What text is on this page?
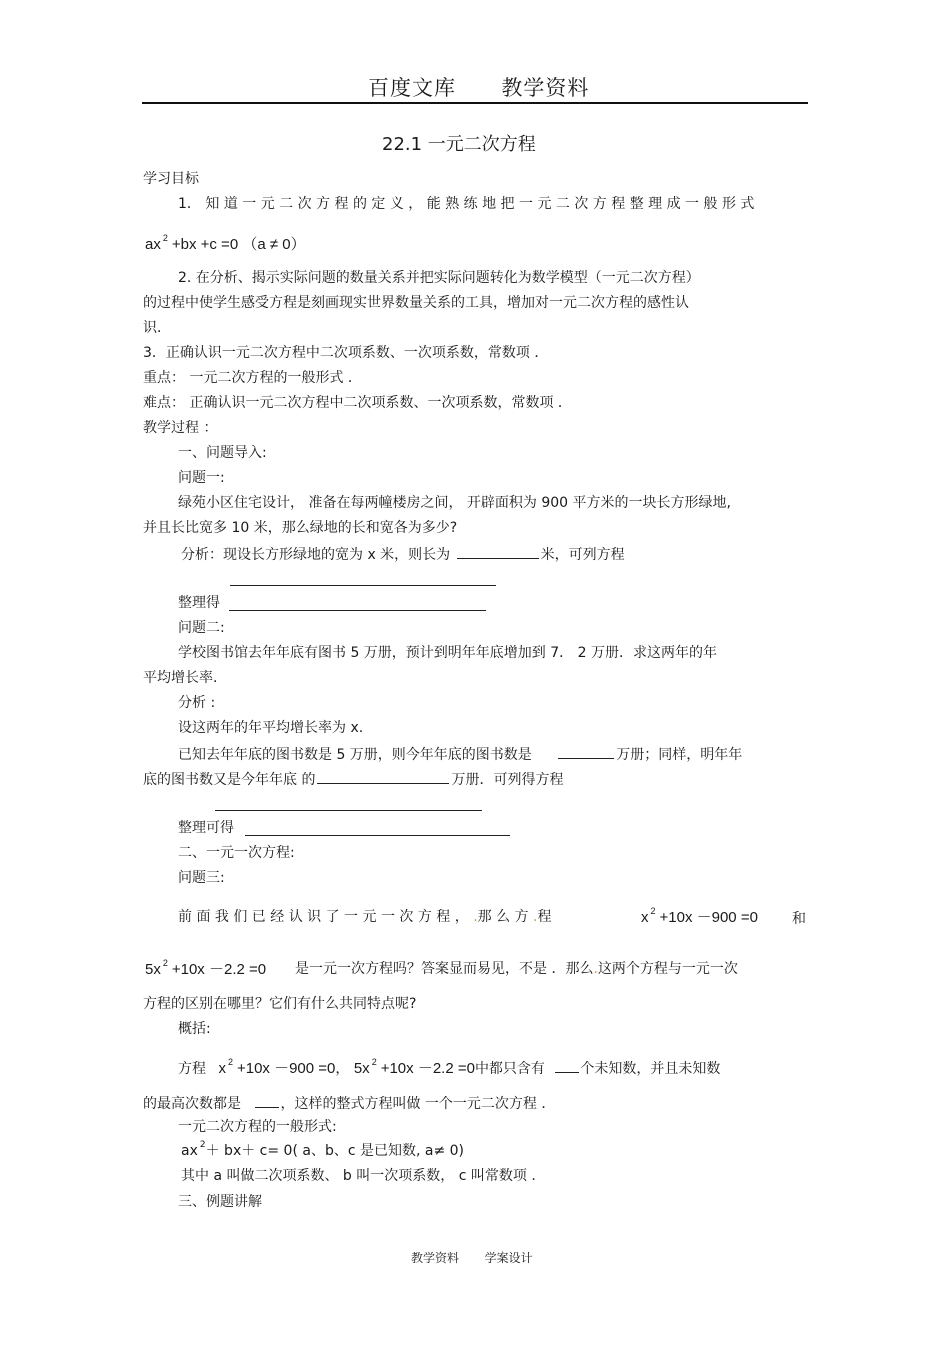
百度文库 教学资料
22.1 一元二次方程
学习目标
1． 知 道 一 元 二 次 方 程 的 定 义 ， 能 熟 练 地 把 一 元 二 次 方 程 整 理 成 一 般 形 式
ax $^2$ +bx +c =0 （a ≠ 0）
2. 在分析、揭示实际问题的数量关系并把实际问题转化为数学模型（一元二次方程）
的过程中使学生感受方程是刻画现实世界数量关系的工具，增加对一元二次方程的感性认
识．
3．正确认识一元二次方程中二次项系数、一次项系数，常数项 ．
重点： 一元二次方程的一般形式 ．
难点： 正确认识一元二次方程中二次项系数、一次项系数，常数项 ．
教学过程 ：
一、问题导入:
问题一:
绿苑小区住宅设计， 准备在每两幢楼房之间， 开辟面积为 900 平方米的一块长方形绿地,
并且长比宽多 10 米，那么绿地的长和宽各为多少?
分析：现设长方形绿地的宽为 x 米，则长为	米，可列方程
整理得
问题二:
学校图书馆去年年底有图书 5 万册，预计到明年年底增加到 7． 2 万册．求这两年的年
平均增长率.
分析 :
设这两年的年平均增长率为 x.
已知去年年底的图书数是 5 万册，则今年年底的图书数是	万册；同样，明年年
底的图书数又是今年年底 的	万册．可列得方程
整理可得
二、一元一次方程:
问题三:
前 面 我 们 已 经 认 识 了 一 元 一 次 方 程 ， .那 么 方 .程	x $^2$ +10x －900 =0 和
5x $^2$ +10x －2.2 =0 是一元一次方程吗？答案显而易见，不是 ．那么.这两个方程与一元一次
方程的区别在哪里？它们有什么共同特点呢?
概括:
方程 x $^2$ +10x －900 =0， 5x $^2$ +10x －2.2 =0中都只含有	个未知数，并且未知数
的最高次数都是	，这样的整式方程叫做 一个一元二次方程 ．
一元二次方程的一般形式:
ax $^2$＋ bx＋ c= 0( a、b、c 是已知数, a≠ 0)
其中 a 叫做二次项系数、 b 叫一次项系数， c 叫常数项 .
三、例题讲解
教学资料 学案设计
